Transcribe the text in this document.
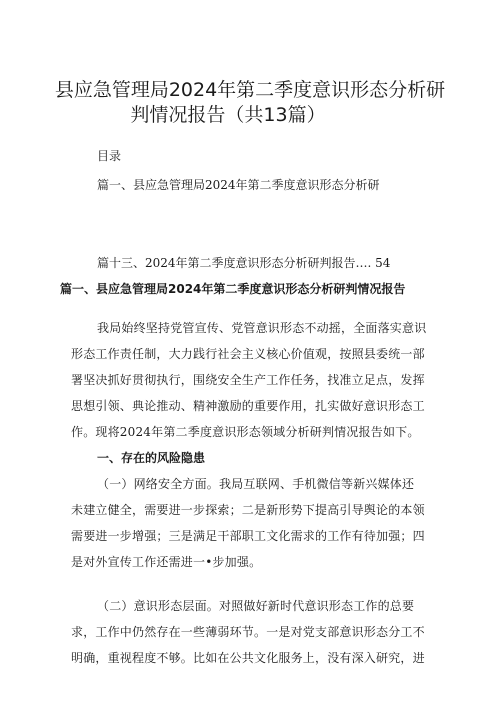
县应急管理局2024年第二季度意识形态分析研
判情况报告（共13篇）
目录
篇一、县应急管理局2024年第二季度意识形态分析研
篇十三、2024年第二季度意识形态分析研判报告…. 54
篇一、县应急管理局2024年第二季度意识形态分析研判情况报告
我局始终坚持党管宣传、党管意识形态不动摇，全面落实意识
形态工作责任制，大力践行社会主义核心价值观，按照县委统一部
署坚决抓好贯彻执行，围绕安全生产工作任务，找准立足点，发挥
思想引领、典论推动、精神激励的重要作用，扎实做好意识形态工
作。现将2024年第二季度意识形态领域分析研判情况报告如下。
一、存在的风险隐患
（一）网络安全方面。我局互联网、手机微信等新兴媒体还
未建立健全，需要进一步探索；二是新形势下提高引导舆论的本领
需要进一步增强；三是满足干部职工文化需求的工作有待加强；四
是对外宣传工作还需进一•步加强。
（二）意识形态层面。对照做好新时代意识形态工作的总要
求，工作中仍然存在一些薄弱环节。一是对党支部意识形态分工不
明确，重视程度不够。比如在公共文化服务上，没有深入研究，进
